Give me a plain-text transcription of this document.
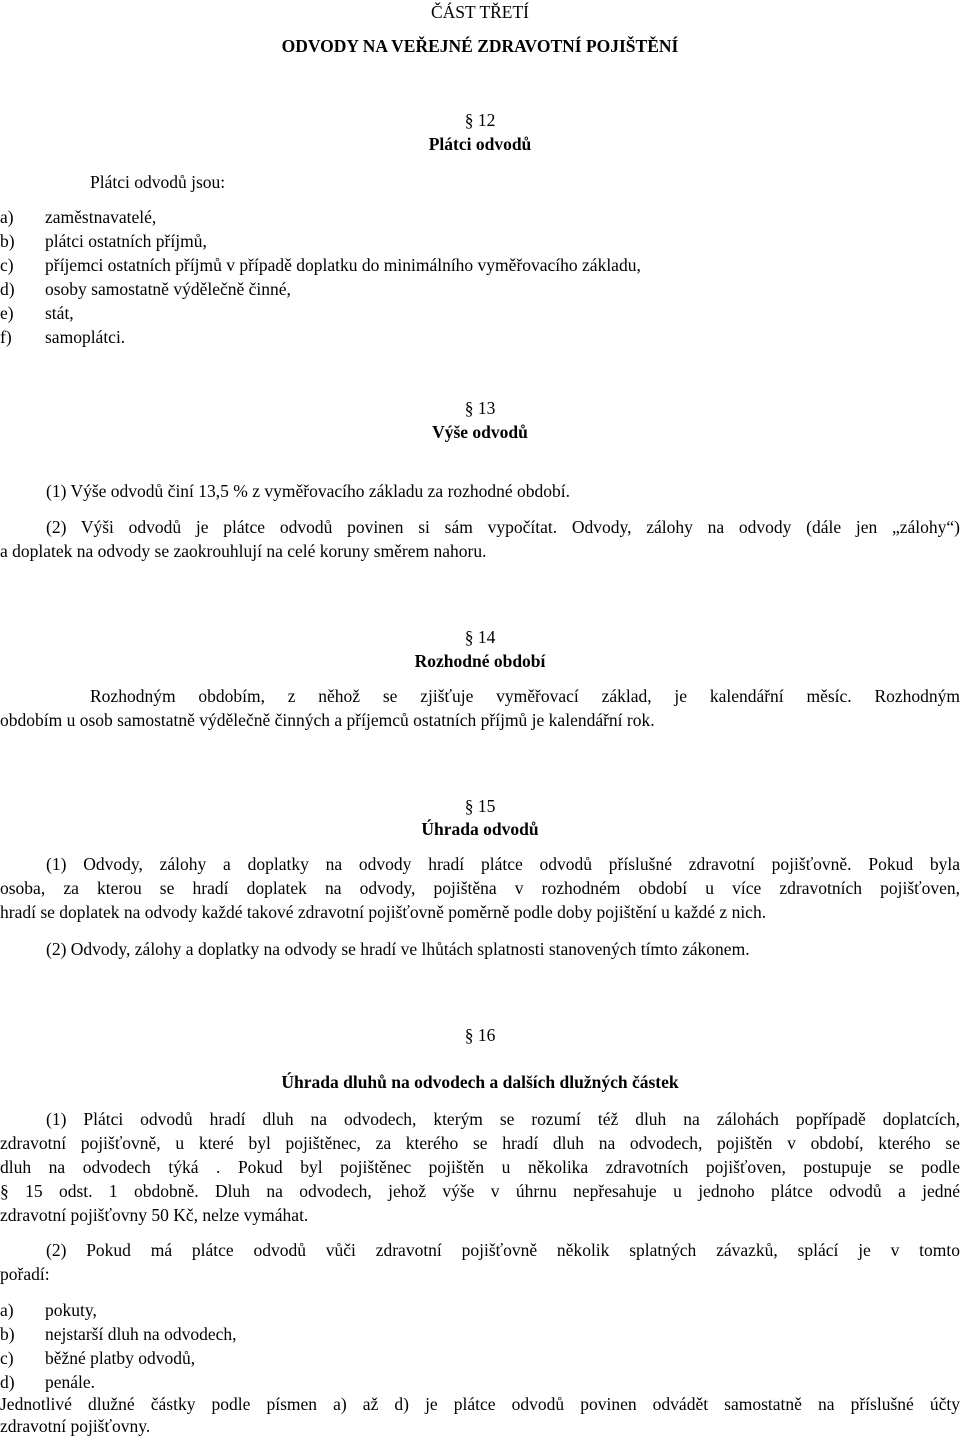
ČÁST TŘETÍ
ODVODY NA VEŘEJNÉ ZDRAVOTNÍ POJIŠTĚNÍ
§ 12
Plátci odvodů
Plátci odvodů jsou:
a) zaměstnavatelé,
b) plátci ostatních příjmů,
c) příjemci ostatních příjmů v případě doplatku do minimálního vyměřovacího základu,
d) osoby samostatně výdělečně činné,
e) stát,
f) samoplátci.
§ 13
Výše odvodů
(1) Výše odvodů činí 13,5 % z vyměřovacího základu za rozhodné období.
(2) Výši odvodů je plátce odvodů povinen si sám vypočítat. Odvody, zálohy na odvody (dále jen „zálohy“)
a doplatek na odvody se zaokrouhlují na celé koruny směrem nahoru.
§ 14
Rozhodné období
Rozhodným obdobím, z něhož se zjišťuje vyměřovací základ, je kalendářní měsíc. Rozhodným
obdobím u osob samostatně výdělečně činných a příjemců ostatních příjmů je kalendářní rok.
§ 15
Úhrada odvodů
(1) Odvody, zálohy a doplatky na odvody hradí plátce odvodů příslušné zdravotní pojišťovně. Pokud byla
osoba, za kterou se hradí doplatek na odvody, pojištěna v rozhodném období u více zdravotních pojišťoven,
hradí se doplatek na odvody každé takové zdravotní pojišťovně poměrně podle doby pojištění u každé z nich.
(2) Odvody, zálohy a doplatky na odvody se hradí ve lhůtách splatnosti stanovených tímto zákonem.
§ 16
Úhrada dluhů na odvodech a dalších dlužných částek
(1) Plátci odvodů hradí dluh na odvodech, kterým se rozumí též dluh na zálohách popřípadě doplatcích,
zdravotní pojišťovně, u které byl pojištěnec, za kterého se hradí dluh na odvodech, pojištěn v období, kterého se
dluh na odvodech týká . Pokud byl pojištěnec pojištěn u několika zdravotních pojišťoven, postupuje se podle
§ 15 odst. 1 obdobně. Dluh na odvodech, jehož výše v úhrnu nepřesahuje u jednoho plátce odvodů a jedné
zdravotní pojišťovny 50 Kč, nelze vymáhat.
(2) Pokud má plátce odvodů vůči zdravotní pojišťovně několik splatných závazků, splácí je v tomto
pořadí:
a) pokuty,
b) nejstarší dluh na odvodech,
c) běžné platby odvodů,
d) penále.
Jednotlivé dlužné částky podle písmen a) až d) je plátce odvodů povinen odvádět samostatně na příslušné účty
zdravotní pojišťovny.
